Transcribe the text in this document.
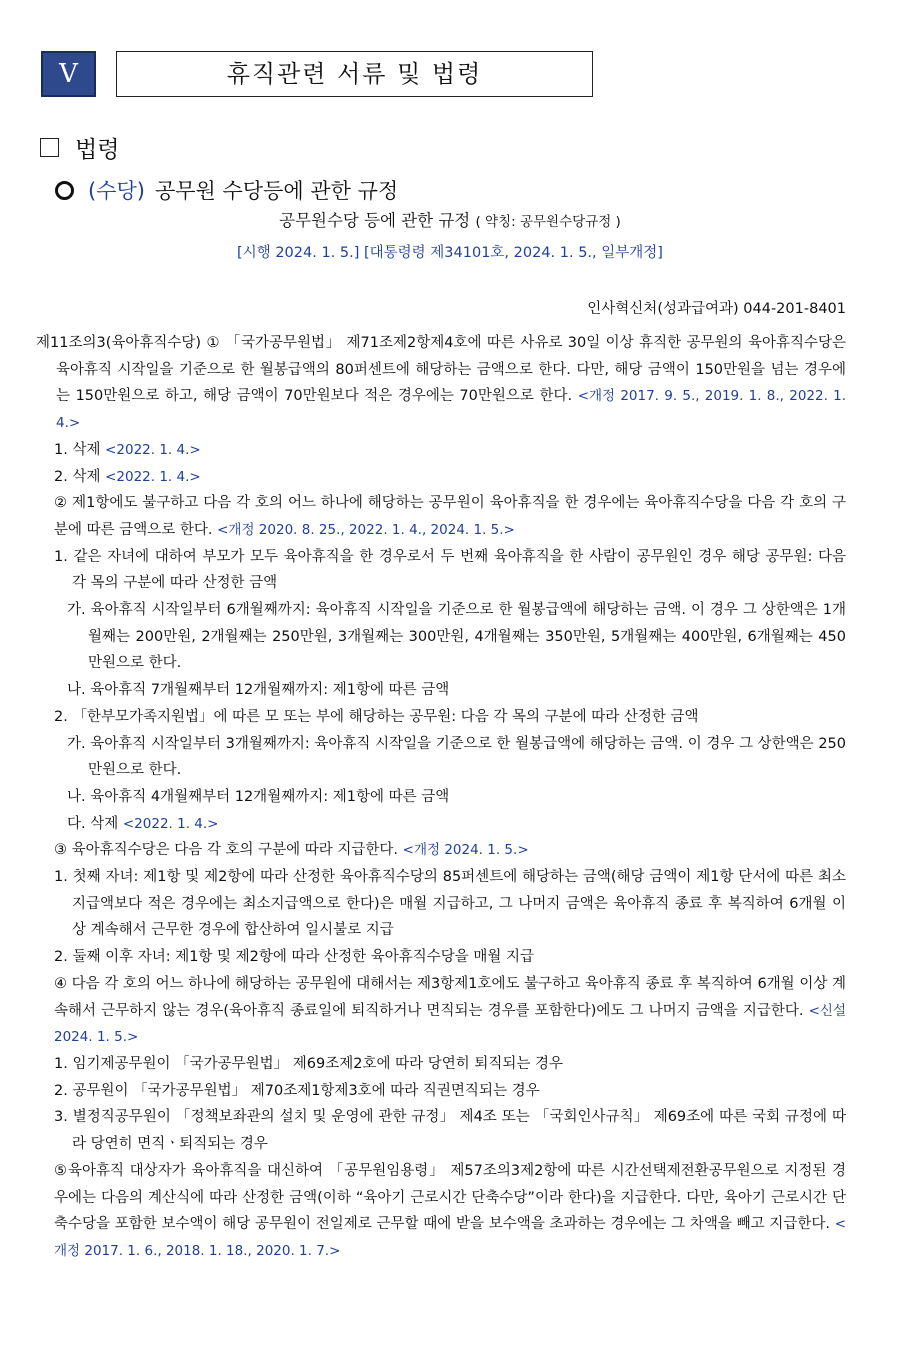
V	휴직관련 서류 및 법령
법령
(수당) 공무원 수당등에 관한 규정
공무원수당 등에 관한 규정 ( 약칭: 공무원수당규정 )
[시행 2024. 1. 5.] [대통령령 제34101호, 2024. 1. 5., 일부개정]
인사혁신처(성과급여과) 044-201-8401

제11조의3(육아휴직수당) ① 「국가공무원법」 제71조제2항제4호에 따른 사유로 30일 이상 휴직한 공무원의 육아휴직수당은 육아휴직 시작일을 기준으로 한 월봉급액의 80퍼센트에 해당하는 금액으로 한다. 다만, 해당 금액이 150만원을 넘는 경우에는 150만원으로 하고, 해당 금액이 70만원보다 적은 경우에는 70만원으로 한다. <개정 2017. 9. 5., 2019. 1. 8., 2022. 1. 4.>

1. 삭제 <2022. 1. 4.>

2. 삭제 <2022. 1. 4.>

② 제1항에도 불구하고 다음 각 호의 어느 하나에 해당하는 공무원이 육아휴직을 한 경우에는 육아휴직수당을 다음 각 호의 구분에 따른 금액으로 한다. <개정 2020. 8. 25., 2022. 1. 4., 2024. 1. 5.>

1. 같은 자녀에 대하여 부모가 모두 육아휴직을 한 경우로서 두 번째 육아휴직을 한 사람이 공무원인 경우 해당 공무원: 다음 각 목의 구분에 따라 산정한 금액

가. 육아휴직 시작일부터 6개월째까지: 육아휴직 시작일을 기준으로 한 월봉급액에 해당하는 금액. 이 경우 그 상한액은 1개월째는 200만원, 2개월째는 250만원, 3개월째는 300만원, 4개월째는 350만원, 5개월째는 400만원, 6개월째는 450만원으로 한다.

나. 육아휴직 7개월째부터 12개월째까지: 제1항에 따른 금액

2. 「한부모가족지원법」에 따른 모 또는 부에 해당하는 공무원: 다음 각 목의 구분에 따라 산정한 금액

가. 육아휴직 시작일부터 3개월째까지: 육아휴직 시작일을 기준으로 한 월봉급액에 해당하는 금액. 이 경우 그 상한액은 250만원으로 한다.

나. 육아휴직 4개월째부터 12개월째까지: 제1항에 따른 금액

다. 삭제 <2022. 1. 4.>

③ 육아휴직수당은 다음 각 호의 구분에 따라 지급한다. <개정 2024. 1. 5.>

1. 첫째 자녀: 제1항 및 제2항에 따라 산정한 육아휴직수당의 85퍼센트에 해당하는 금액(해당 금액이 제1항 단서에 따른 최소지급액보다 적은 경우에는 최소지급액으로 한다)은 매월 지급하고, 그 나머지 금액은 육아휴직 종료 후 복직하여 6개월 이상 계속해서 근무한 경우에 합산하여 일시불로 지급

2. 둘째 이후 자녀: 제1항 및 제2항에 따라 산정한 육아휴직수당을 매월 지급

④ 다음 각 호의 어느 하나에 해당하는 공무원에 대해서는 제3항제1호에도 불구하고 육아휴직 종료 후 복직하여 6개월 이상 계속해서 근무하지 않는 경우(육아휴직 종료일에 퇴직하거나 면직되는 경우를 포함한다)에도 그 나머지 금액을 지급한다. <신설 2024. 1. 5.>

1. 임기제공무원이 「국가공무원법」 제69조제2호에 따라 당연히 퇴직되는 경우

2. 공무원이 「국가공무원법」 제70조제1항제3호에 따라 직권면직되는 경우

3. 별정직공무원이 「정책보좌관의 설치 및 운영에 관한 규정」 제4조 또는 「국회인사규칙」 제69조에 따른 국회 규정에 따라 당연히 면직ㆍ퇴직되는 경우

⑤육아휴직 대상자가 육아휴직을 대신하여 「공무원임용령」 제57조의3제2항에 따른 시간선택제전환공무원으로 지정된 경우에는 다음의 계산식에 따라 산정한 금액(이하 “육아기 근로시간 단축수당”이라 한다)을 지급한다. 다만, 육아기 근로시간 단축수당을 포함한 보수액이 해당 공무원이 전일제로 근무할 때에 받을 보수액을 초과하는 경우에는 그 차액을 빼고 지급한다. <개정 2017. 1. 6., 2018. 1. 18., 2020. 1. 7.>
